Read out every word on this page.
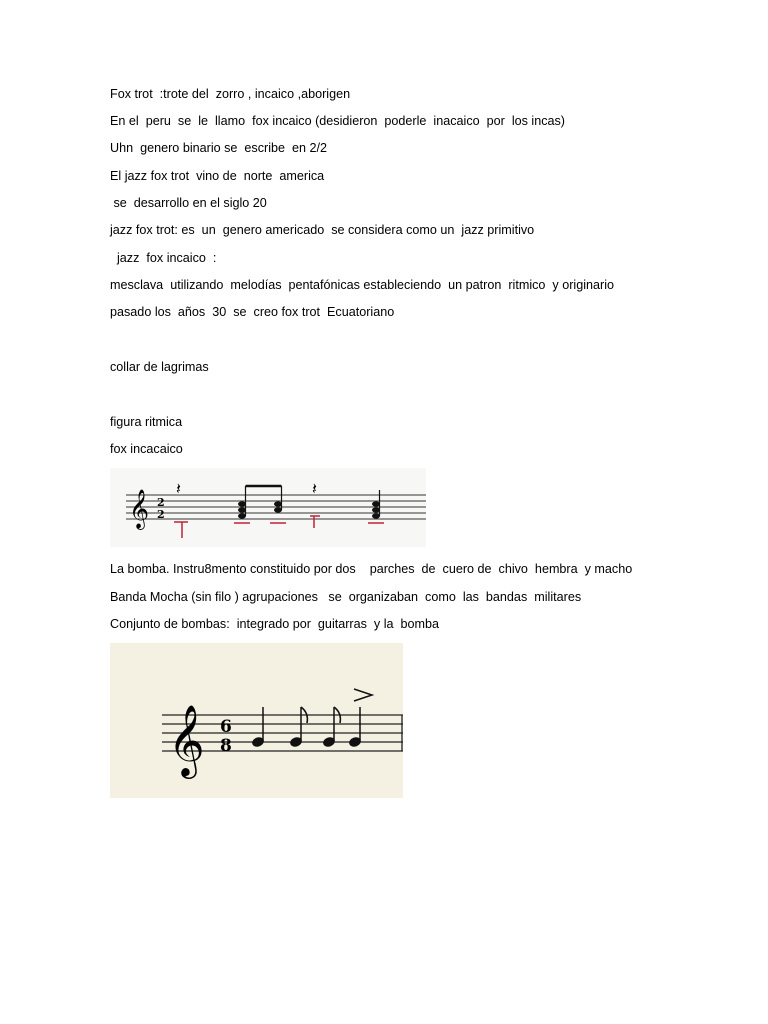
Fox trot  :trote del  zorro , incaico ,aborigen
En el  peru  se  le  llamo  fox incaico (desidieron  poderle  inacaico  por  los incas)
Uhn  genero binario se  escribe  en 2/2
El jazz fox trot  vino de  norte  america
se  desarrollo en el siglo 20
jazz fox trot: es  un  genero americado  se considera como un  jazz primitivo
jazz  fox incaico  :
mesclava  utilizando  melodías  pentafónicas estableciendo  un patron  ritmico  y originario
pasado los  años  30  se  creo fox trot  Ecuatoriano
collar de lagrimas
figura ritmica
fox incacaico
𝄞 2
2
𝄽	𝄽
La bomba. Instru8mento constituido por dos    parches  de  cuero de  chivo  hembra  y macho
Banda Mocha (sin filo ) agrupaciones   se  organizaban  como  las  bandas  militares
Conjunto de bombas:  integrado por  guitarras  y la  bomba
𝄞 6
8
